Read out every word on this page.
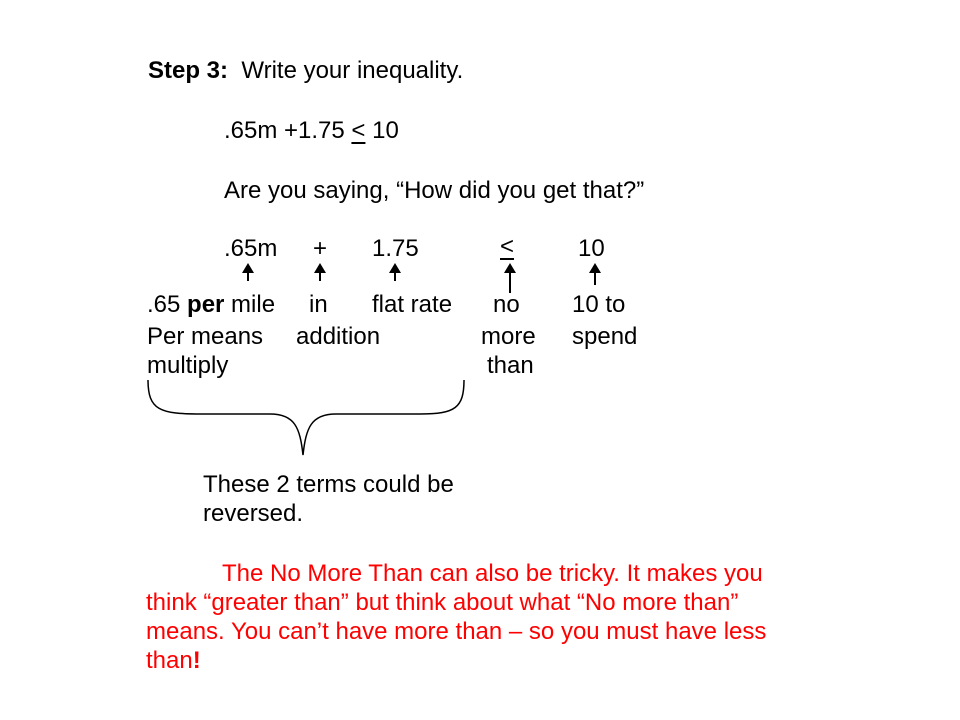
Step 3: Write your inequality.
.65m +1.75 < 10
Are you saying, “How did you get that?”
.65m + 1.75	<	10
.65 per mile
Per means
multiply
in
addition
flat rate no
more
than
10 to
spend
These 2 terms could be
reversed.
The No More Than can also be tricky. It makes you
think “greater than” but think about what “No more than”
means. You can’t have more than – so you must have less
than!
